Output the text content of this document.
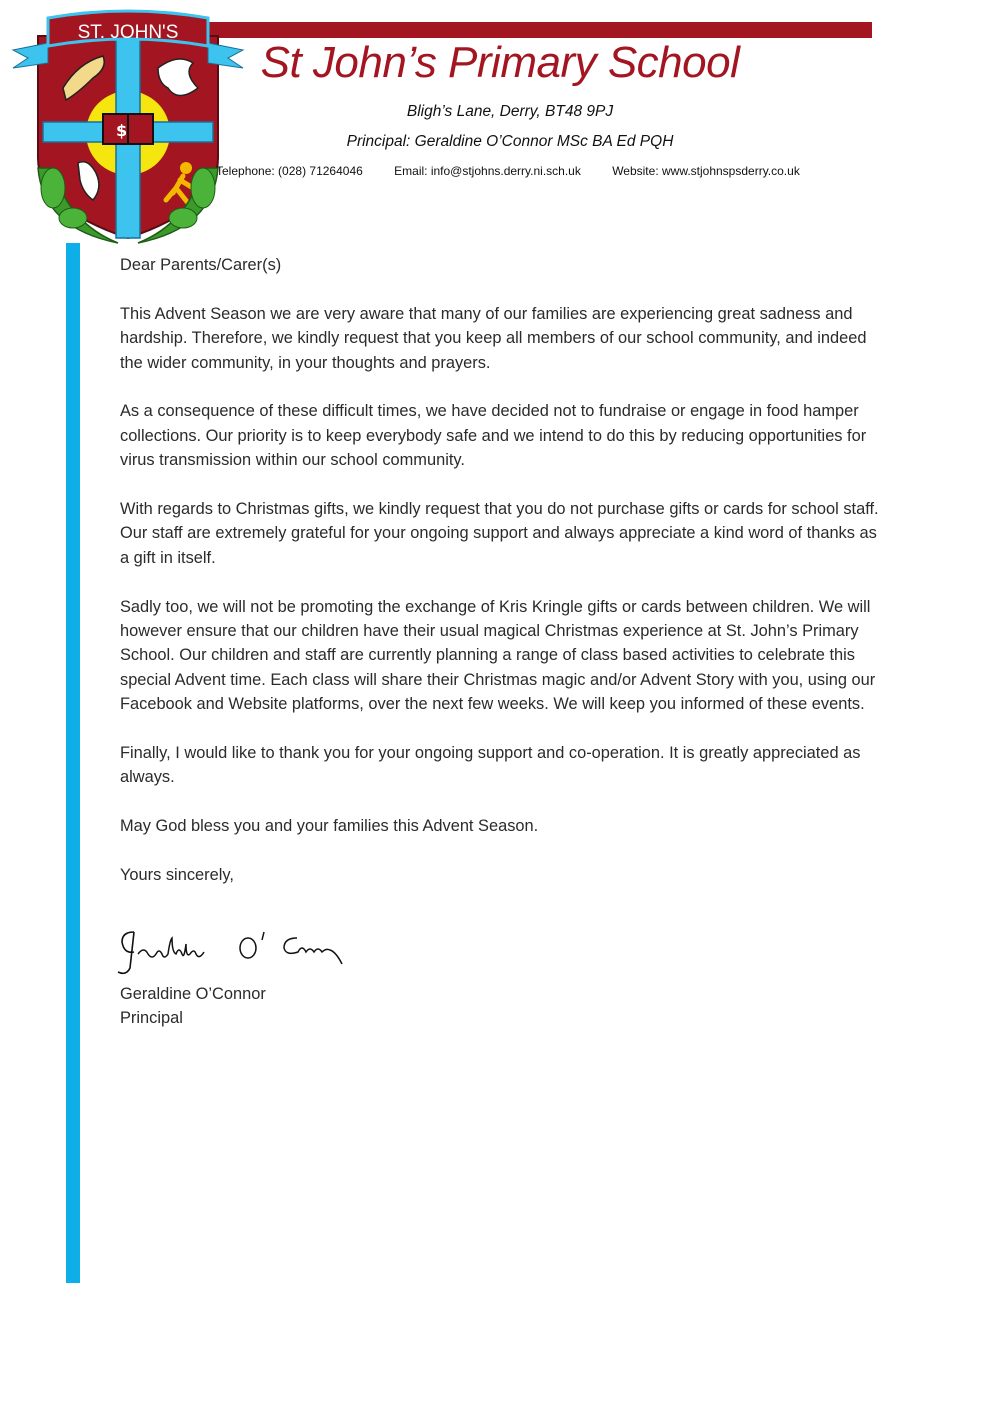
$
ST. JOHN'S
St John’s Primary School
Bligh’s Lane, Derry, BT48 9PJ
Principal: Geraldine O’Connor MSc BA Ed PQH
Telephone: (028) 71264046	Email: info@stjohns.derry.ni.sch.uk	Website: www.stjohnspsderry.co.uk

Dear Parents/Carer(s)

This Advent Season we are very aware that many of our families are experiencing great sadness and hardship. Therefore, we kindly request that you keep all members of our school community, and indeed the wider community, in your thoughts and prayers.

As a consequence of these difficult times, we have decided not to fundraise or engage in food hamper collections. Our priority is to keep everybody safe and we intend to do this by reducing opportunities for virus transmission within our school community.

With regards to Christmas gifts, we kindly request that you do not purchase gifts or cards for school staff. Our staff are extremely grateful for your ongoing support and always appreciate a kind word of thanks as a gift in itself.

Sadly too, we will not be promoting the exchange of Kris Kringle gifts or cards between children. We will however ensure that our children have their usual magical Christmas experience at St. John’s Primary School. Our children and staff are currently planning a range of class based activities to celebrate this special Advent time. Each class will share their Christmas magic and/or Advent Story with you, using our Facebook and Website platforms, over the next few weeks. We will keep you informed of these events.

Finally, I would like to thank you for your ongoing support and co-operation. It is greatly appreciated as always.

May God bless you and your families this Advent Season.

Yours sincerely,

Geraldine O’Connor
Principal
